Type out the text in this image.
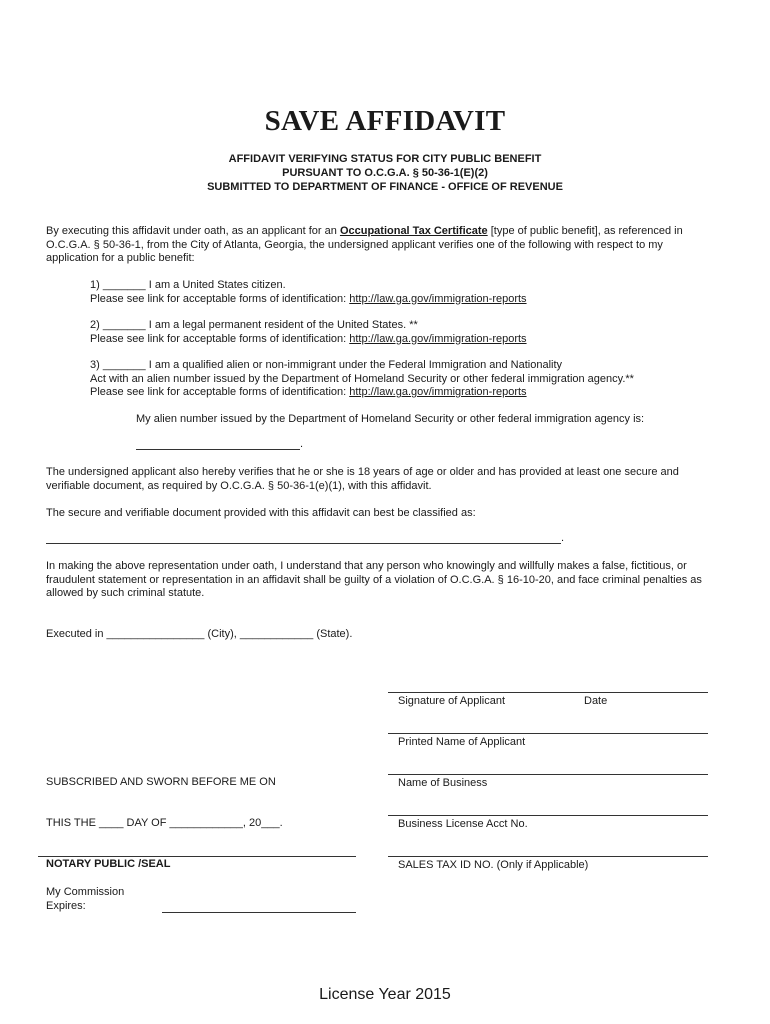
SAVE AFFIDAVIT
AFFIDAVIT VERIFYING STATUS FOR CITY PUBLIC BENEFIT
PURSUANT TO O.C.G.A. § 50-36-1(E)(2)
SUBMITTED TO DEPARTMENT OF FINANCE - OFFICE OF REVENUE
By executing this affidavit under oath, as an applicant for an Occupational Tax Certificate [type of public benefit], as referenced in
O.C.G.A. § 50-36-1, from the City of Atlanta, Georgia, the undersigned applicant verifies one of the following with respect to my
application for a public benefit:
1) _______ I am a United States citizen.
Please see link for acceptable forms of identification: http://law.ga.gov/immigration-reports
2) _______ I am a legal permanent resident of the United States. **
Please see link for acceptable forms of identification: http://law.ga.gov/immigration-reports
3) _______ I am a qualified alien or non-immigrant under the Federal Immigration and Nationality
Act with an alien number issued by the Department of Homeland Security or other federal immigration agency.**
Please see link for acceptable forms of identification: http://law.ga.gov/immigration-reports
My alien number issued by the Department of Homeland Security or other federal immigration agency is:
.
The undersigned applicant also hereby verifies that he or she is 18 years of age or older and has provided at least one secure and
verifiable document, as required by O.C.G.A. § 50-36-1(e)(1), with this affidavit.
The secure and verifiable document provided with this affidavit can best be classified as:
.
In making the above representation under oath, I understand that any person who knowingly and willfully makes a false, fictitious, or
fraudulent statement or representation in an affidavit shall be guilty of a violation of O.C.G.A. § 16-10-20, and face criminal penalties as
allowed by such criminal statute.
Executed in ________________ (City), ____________ (State).
Signature of Applicant	Date
Printed Name of Applicant
SUBSCRIBED AND SWORN BEFORE ME ON	Name of Business
THIS THE ____ DAY OF ____________, 20___.	Business License Acct No.
NOTARY PUBLIC /SEAL	SALES TAX ID NO. (Only if Applicable)
My Commission
Expires:
License Year 2015
